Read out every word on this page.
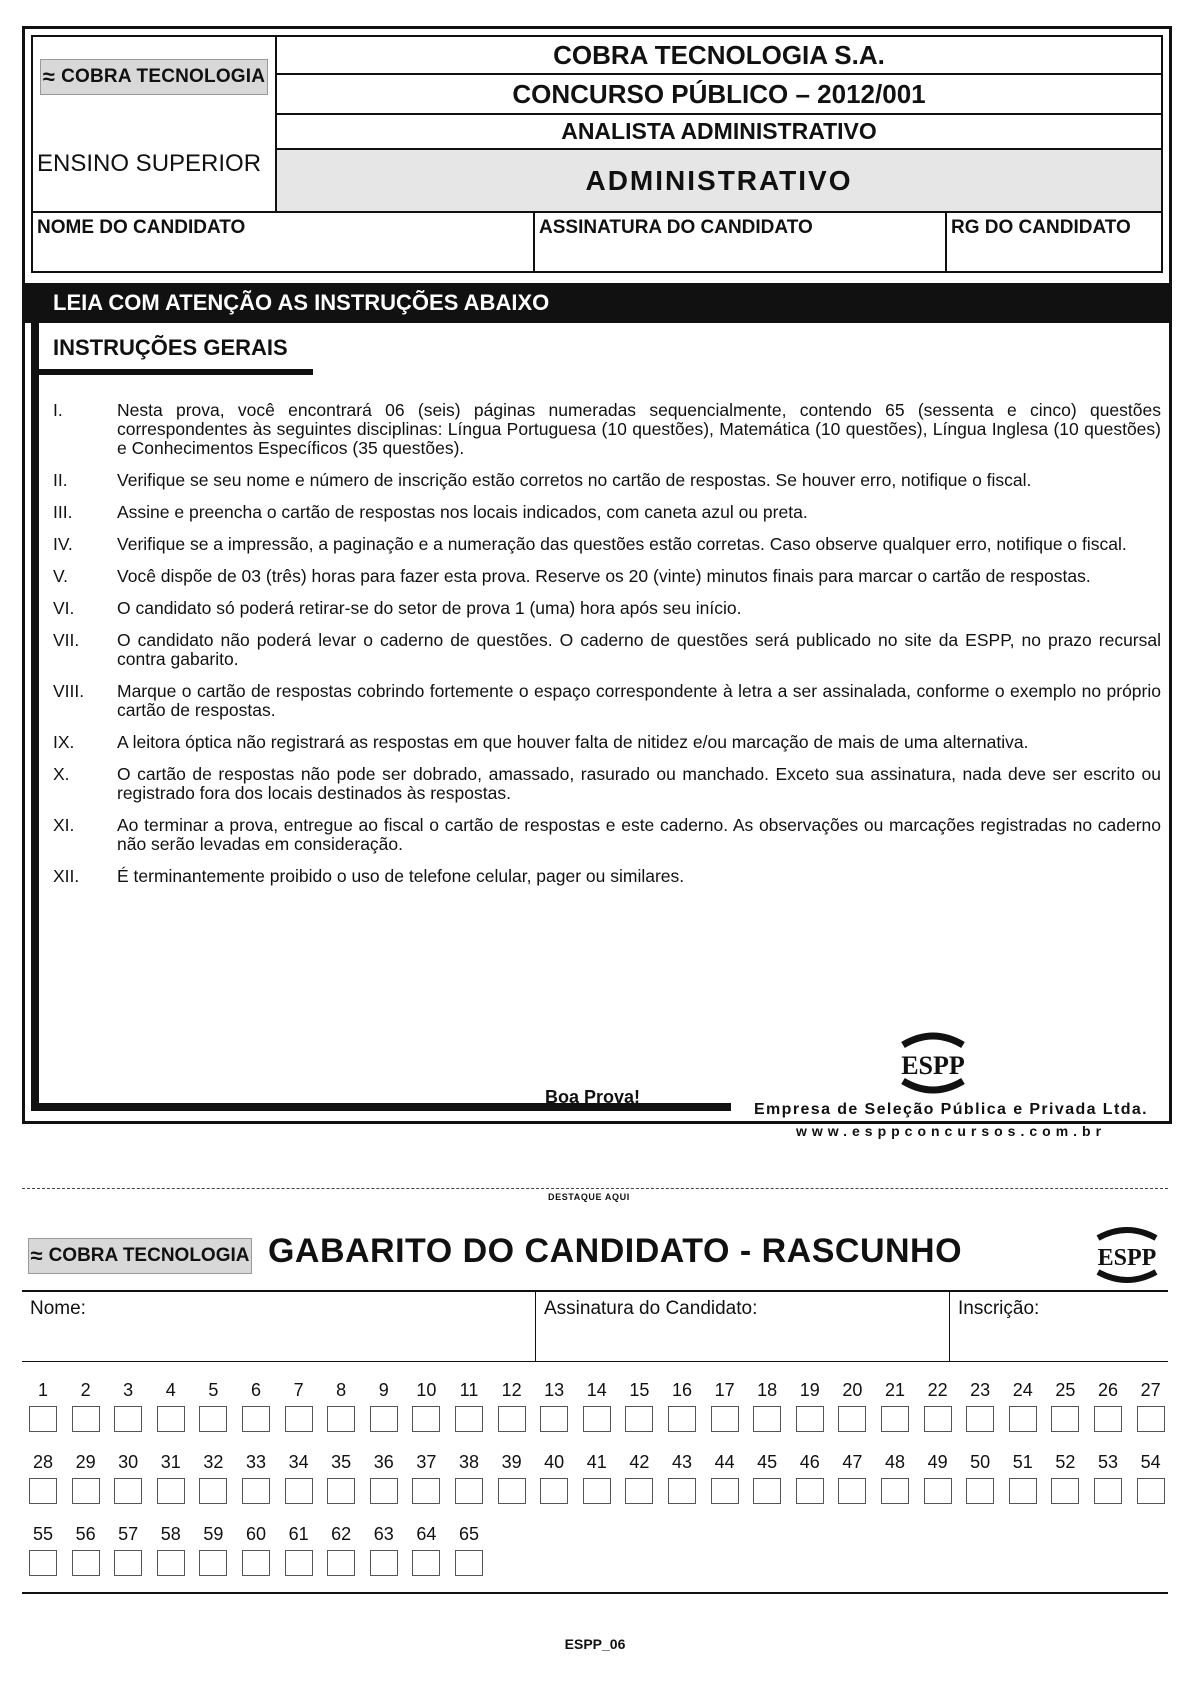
≈ COBRA TECNOLOGIA
ENSINO SUPERIOR
COBRA TECNOLOGIA S.A.
CONCURSO PÚBLICO – 2012/001
ANALISTA ADMINISTRATIVO
ADMINISTRATIVO
NOME DO CANDIDATO	ASSINATURA DO CANDIDATO	RG DO CANDIDATO
LEIA COM ATENÇÃO AS INSTRUÇÕES ABAIXO
INSTRUÇÕES GERAIS
I.	Nesta prova, você encontrará 06 (seis) páginas numeradas sequencialmente, contendo 65 (sessenta e cinco) questões correspondentes às seguintes disciplinas: Língua Portuguesa (10 questões), Matemática (10 questões), Língua Inglesa (10 questões) e Conhecimentos Específicos (35 questões).
II.	Verifique se seu nome e número de inscrição estão corretos no cartão de respostas. Se houver erro, notifique o fiscal.
III.	Assine e preencha o cartão de respostas nos locais indicados, com caneta azul ou preta.
IV.	Verifique se a impressão, a paginação e a numeração das questões estão corretas. Caso observe qualquer erro, notifique o fiscal.
V.	Você dispõe de 03 (três) horas para fazer esta prova. Reserve os 20 (vinte) minutos finais para marcar o cartão de respostas.
VI. O candidato só poderá retirar-se do setor de prova 1 (uma) hora após seu início.
VII. O candidato não poderá levar o caderno de questões. O caderno de questões será publicado no site da ESPP, no prazo recursal contra gabarito.
VIII. Marque o cartão de respostas cobrindo fortemente o espaço correspondente à letra a ser assinalada, conforme o exemplo no próprio cartão de respostas.
IX. A leitora óptica não registrará as respostas em que houver falta de nitidez e/ou marcação de mais de uma alternativa.
X.	O cartão de respostas não pode ser dobrado, amassado, rasurado ou manchado. Exceto sua assinatura, nada deve ser escrito ou registrado fora dos locais destinados às respostas.
XI. Ao terminar a prova, entregue ao fiscal o cartão de respostas e este caderno. As observações ou marcações registradas no caderno não serão levadas em consideração.
XII. É terminantemente proibido o uso de telefone celular, pager ou similares.
Boa Prova!
ESPP
Empresa de Seleção Pública e Privada Ltda.
www.esppconcursos.com.br
DESTAQUE AQUI
≈ COBRA TECNOLOGIA GABARITO DO CANDIDATO - RASCUNHO	ESPP
Nome:	Assinatura do Candidato:	Inscrição:
1	2	3	4	5	6	7	8	9	10	11	12	13	14	15	16	17	18	19	20	21	22	23	24	25	26	27
28	29	30	31	32	33	34	35	36	37	38	39	40	41	42	43	44	45	46	47	48	49	50	51	52	53	54
55	56	57	58	59	60	61	62	63	64	65
ESPP_06
